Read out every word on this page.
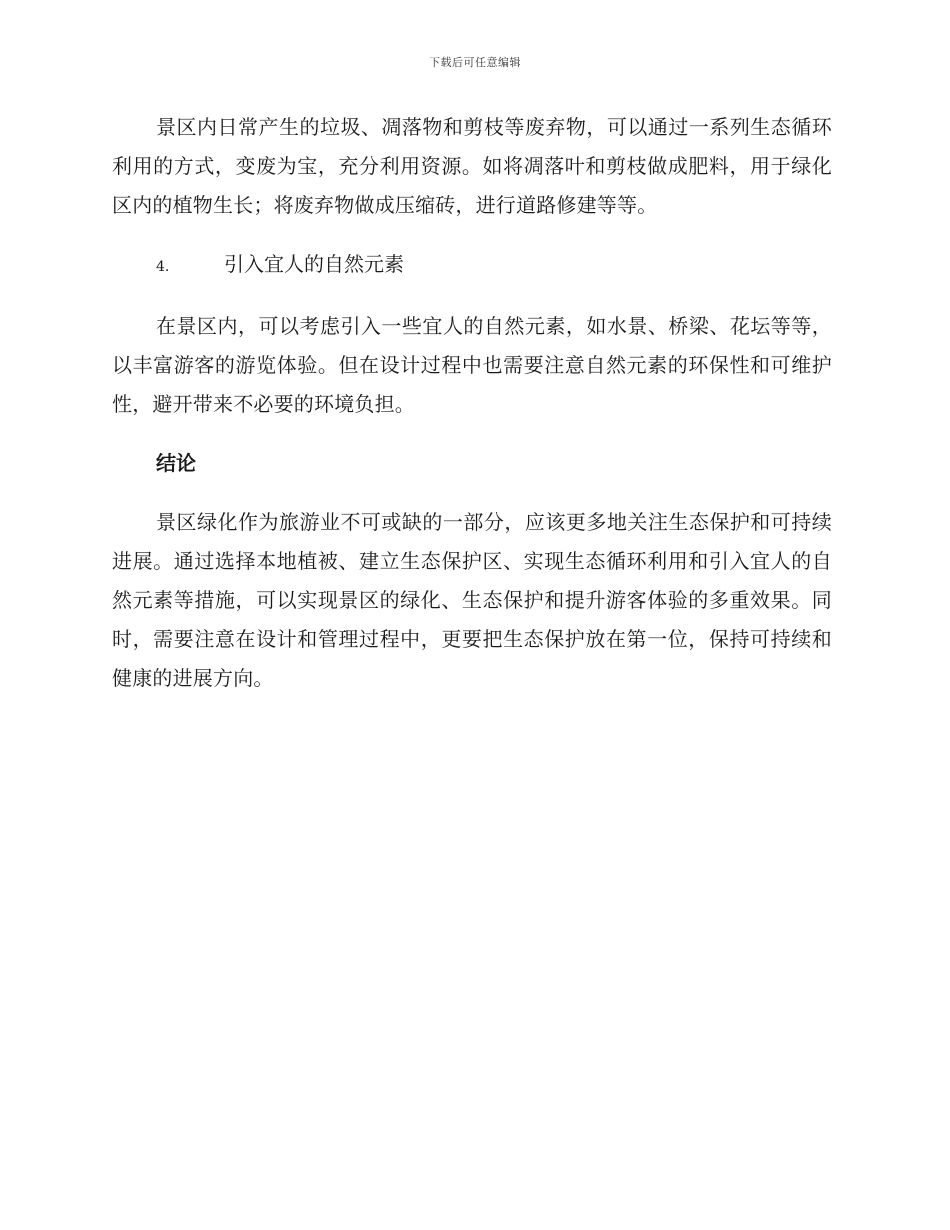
下载后可任意编辑

景区内日常产生的垃圾、凋落物和剪枝等废弃物，可以通过一系列生态循环利用的方式，变废为宝，充分利用资源。如将凋落叶和剪枝做成肥料，用于绿化区内的植物生长；将废弃物做成压缩砖，进行道路修建等等。

4.	引入宜人的自然元素

在景区内，可以考虑引入一些宜人的自然元素，如水景、桥梁、花坛等等，以丰富游客的游览体验。但在设计过程中也需要注意自然元素的环保性和可维护性，避开带来不必要的环境负担。

结论

景区绿化作为旅游业不可或缺的一部分，应该更多地关注生态保护和可持续进展。通过选择本地植被、建立生态保护区、实现生态循环利用和引入宜人的自然元素等措施，可以实现景区的绿化、生态保护和提升游客体验的多重效果。同时，需要注意在设计和管理过程中，更要把生态保护放在第一位，保持可持续和健康的进展方向。
